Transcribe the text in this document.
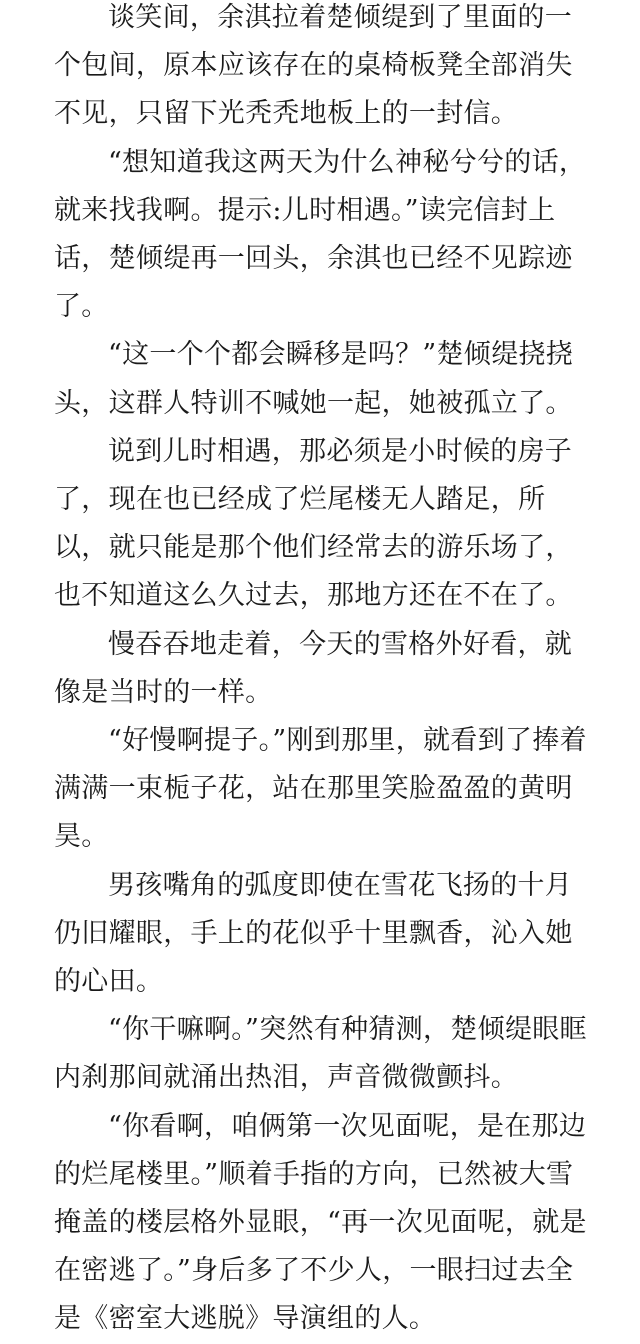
谈笑间，余淇拉着楚倾缇到了里面的一个包间，原本应该存在的桌椅板凳全部消失不见，只留下光秃秃地板上的一封信。

“想知道我这两天为什么神秘兮兮的话，就来找我啊。提示:儿时相遇。”读完信封上话，楚倾缇再一回头，余淇也已经不见踪迹了。

“这一个个都会瞬移是吗？”楚倾缇挠挠头，这群人特训不喊她一起，她被孤立了。

说到儿时相遇，那必须是小时候的房子了，现在也已经成了烂尾楼无人踏足，所以，就只能是那个他们经常去的游乐场了，也不知道这么久过去，那地方还在不在了。

慢吞吞地走着，今天的雪格外好看，就像是当时的一样。

“好慢啊提子。”刚到那里，就看到了捧着满满一束栀子花，站在那里笑脸盈盈的黄明昊。

男孩嘴角的弧度即使在雪花飞扬的十月仍旧耀眼，手上的花似乎十里飘香，沁入她的心田。

“你干嘛啊。”突然有种猜测，楚倾缇眼眶内刹那间就涌出热泪，声音微微颤抖。

“你看啊，咱俩第一次见面呢，是在那边的烂尾楼里。”顺着手指的方向，已然被大雪掩盖的楼层格外显眼，“再一次见面呢，就是在密逃了。”身后多了不少人，一眼扫过去全是《密室大逃脱》导演组的人。
